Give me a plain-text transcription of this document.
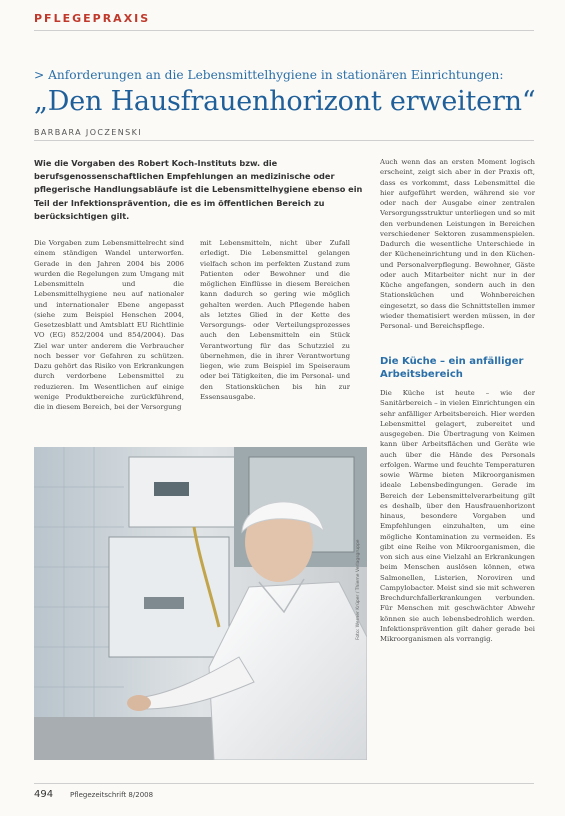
PFLEGEPRAXIS
> Anforderungen an die Lebensmittelhygiene in stationären Einrichtungen:
„Den Hausfrauenhorizont erweitern“
BARBARA JOCZENSKI
Wie die Vorgaben des Robert Koch-Instituts bzw. die berufsgenossenschaftlichen Empfehlungen an medizinische oder pflegerische Handlungsabläufe ist die Lebensmittelhygiene ebenso ein Teil der Infektionsprävention, die es im öffentlichen Bereich zu berücksichtigen gilt.
Die Vorgaben zum Lebensmittelrecht sind einem ständigen Wandel unterworfen. Gerade in den Jahren 2004 bis 2006 wurden die Regelungen zum Umgang mit Lebensmitteln und die Lebensmittelhygiene neu auf nationaler und internationaler Ebene angepasst (siehe zum Beispiel Henschen 2004, Gesetzesblatt und Amtsblatt EU Richtlinie VO (EG) 852/2004 und 854/2004). Das Ziel war unter anderem die Verbraucher noch besser vor Gefahren zu schützen. Dazu gehört das Risiko von Erkrankungen durch verdorbene Lebensmittel zu reduzieren. Im Wesentlichen auf einige wenige Produktbereiche zurückführend, die in diesem Bereich, bei der Versorgung
mit Lebensmitteln, nicht über Zufall erledigt. Die Lebensmittel gelangen vielfach schon im perfekten Zustand zum Patienten oder Bewohner und die möglichen Einflüsse in diesem Bereichen kann dadurch so gering wie möglich gehalten werden. Auch Pflegende haben als letztes Glied in der Kette des Versorgungs- oder Verteilungsprozesses auch den Lebensmitteln ein Stück Verantwortung für das Schutzziel zu übernehmen, die in ihrer Verantwortung liegen, wie zum Beispiel im Speiseraum oder bei Tätigkeiten, die im Personal- und den Stationsküchen bis hin zur Essensausgabe.
Auch wenn das an ersten Moment logisch erscheint, zeigt sich aber in der Praxis oft, dass es vorkommt, dass Lebensmittel die hier aufgeführt werden, während sie vor oder nach der Ausgabe einer zentralen Versorgungsstruktur unterliegen und so mit den verbundenen Leistungen in Bereichen verschiedener Sektoren zusammenspielen. Dadurch die wesentliche Unterschiede in der Kücheneinrichtung und in den Küchen- und Personalverpflegung. Bewohner, Gäste oder auch Mitarbeiter nicht nur in der Küche angefangen, sondern auch in den Stationsküchen und Wohnbereichen eingesetzt, so dass die Schnittstellen immer wieder thematisiert werden müssen, in der Personal- und Bereichspflege.
Die Küche – ein anfälliger Arbeitsbereich
Die Küche ist heute – wie der Sanitärbereich – in vielen Einrichtungen ein sehr anfälliger Arbeitsbereich. Hier werden Lebensmittel gelagert, zubereitet und ausgegeben. Die Übertragung von Keimen kann über Arbeitsflächen und Geräte wie auch über die Hände des Personals erfolgen. Warme und feuchte Temperaturen sowie Wärme bieten Mikroorganismen ideale Lebensbedingungen. Gerade im Bereich der Lebensmittelverarbeitung gilt es deshalb, über den Hausfrauenhorizont hinaus, besondere Vorgaben und Empfehlungen einzuhalten, um eine mögliche Kontamination zu vermeiden. Es gibt eine Reihe von Mikroorganismen, die von sich aus eine Vielzahl an Erkrankungen beim Menschen auslösen können, etwa Salmonellen, Listerien, Noroviren und Campylobacter. Meist sind sie mit schweren Brechdurchfallerkrankungen verbunden. Für Menschen mit geschwächter Abwehr können sie auch lebensbedrohlich werden. Infektionsprävention gilt daher gerade bei Mikroorganismen als vorrangig.
Foto: Werner Krüper / Thieme Verlagsgruppe
494 Pflegezeitschrift 8/2008
